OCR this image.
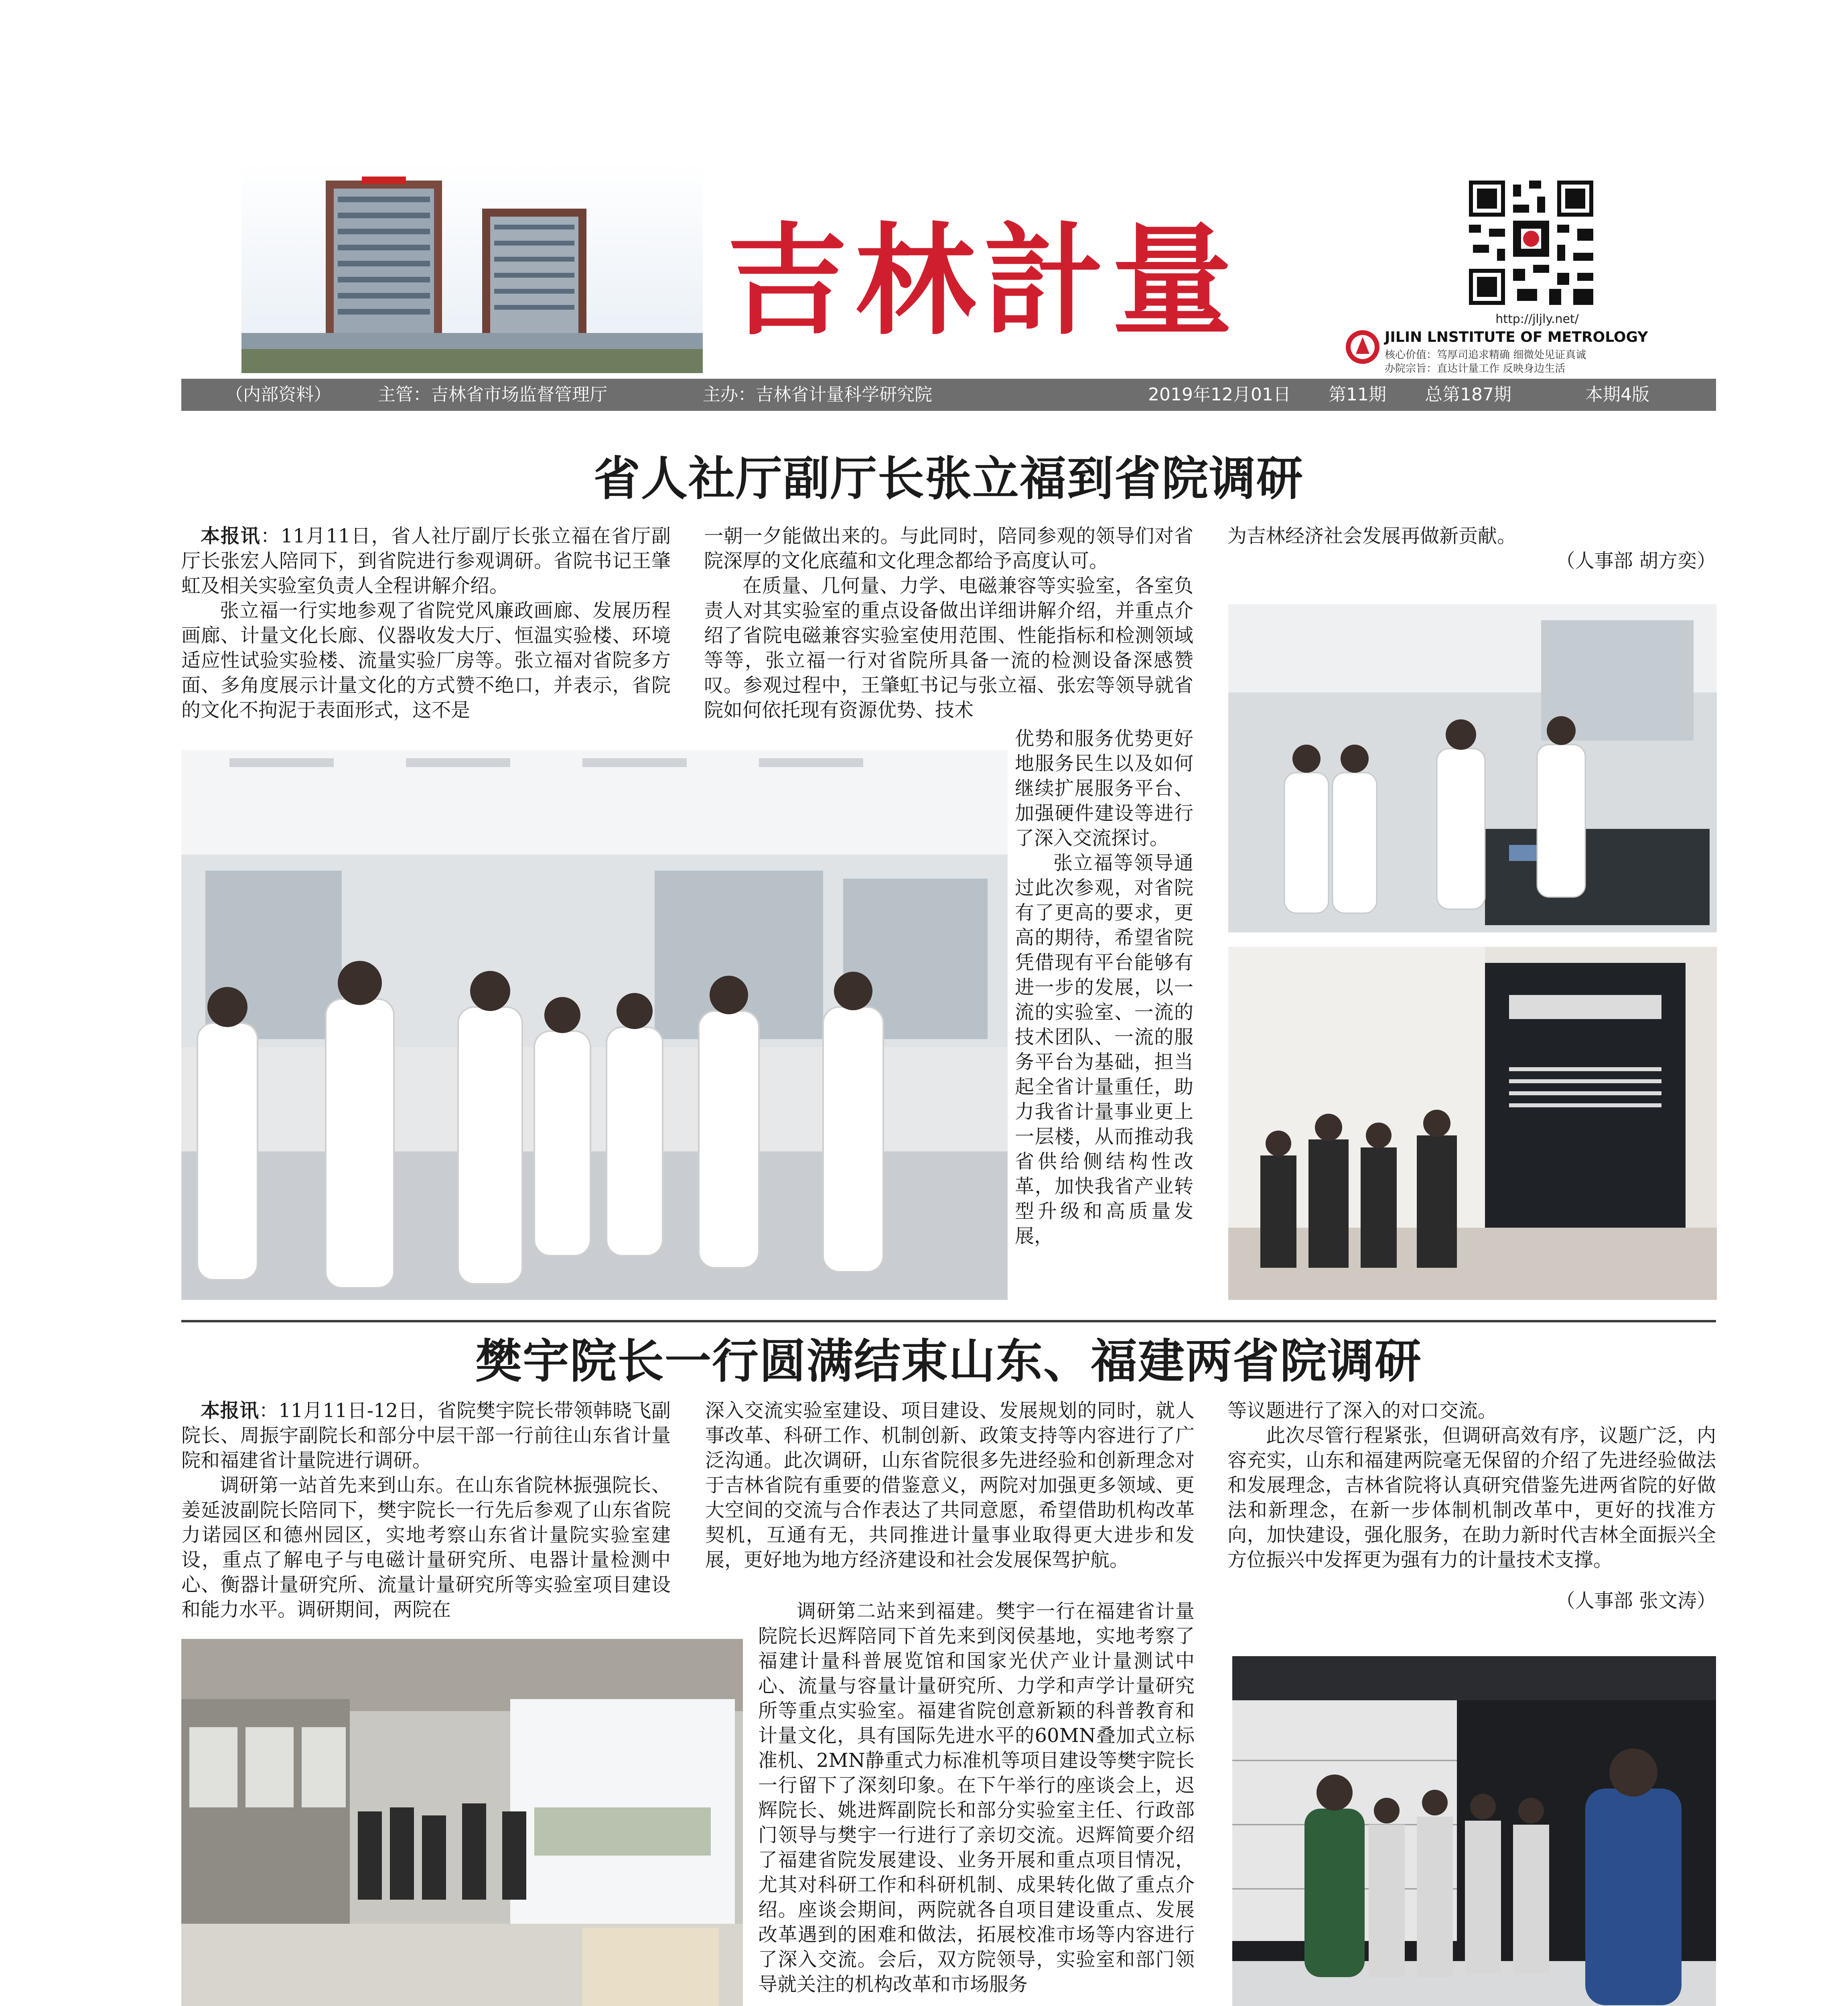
吉林計量	http://jljly.net/
JILIN LNSTITUTE OF METROLOGY
核心价值：笃厚司追求精确 细微处见证真诚
办院宗旨：直达计量工作 反映身边生活
（内部资料）	主管：吉林省市场监督管理厅	主办：吉林省计量科学研究院	2019年12月01日 第11期 总第187期	本期4版
省人社厅副厅长张立福到省院调研

本报讯：11月11日，省人社厅副厅长张立福在省厅副厅长张宏人陪同下，到省院进行参观调研。省院书记王肇虹及相关实验室负责人全程讲解介绍。

张立福一行实地参观了省院党风廉政画廊、发展历程画廊、计量文化长廊、仪器收发大厅、恒温实验楼、环境适应性试验实验楼、流量实验厂房等。张立福对省院多方面、多角度展示计量文化的方式赞不绝口，并表示，省院的文化不拘泥于表面形式，这不是

一朝一夕能做出来的。与此同时，陪同参观的领导们对省院深厚的文化底蕴和文化理念都给予高度认可。

在质量、几何量、力学、电磁兼容等实验室，各室负责人对其实验室的重点设备做出详细讲解介绍，并重点介绍了省院电磁兼容实验室使用范围、性能指标和检测领域等等，张立福一行对省院所具备一流的检测设备深感赞叹。参观过程中，王肇虹书记与张立福、张宏等领导就省院如何依托现有资源优势、技术

优势和服务优势更好地服务民生以及如何继续扩展服务平台、加强硬件建设等进行了深入交流探讨。

张立福等领导通过此次参观，对省院有了更高的要求，更高的期待，希望省院凭借现有平台能够有进一步的发展，以一流的实验室、一流的技术团队、一流的服务平台为基础，担当起全省计量重任，助力我省计量事业更上一层楼，从而推动我省供给侧结构性改革，加快我省产业转型升级和高质量发展，

为吉林经济社会发展再做新贡献。

（人事部 胡方奕）
樊宇院长一行圆满结束山东、福建两省院调研

本报讯：11月11日-12日，省院樊宇院长带领韩晓飞副院长、周振宇副院长和部分中层干部一行前往山东省计量院和福建省计量院进行调研。

调研第一站首先来到山东。在山东省院林振强院长、姜延波副院长陪同下，樊宇院长一行先后参观了山东省院力诺园区和德州园区，实地考察山东省计量院实验室建设，重点了解电子与电磁计量研究所、电器计量检测中心、衡器计量研究所、流量计量研究所等实验室项目建设和能力水平。调研期间，两院在

深入交流实验室建设、项目建设、发展规划的同时，就人事改革、科研工作、机制创新、政策支持等内容进行了广泛沟通。此次调研，山东省院很多先进经验和创新理念对于吉林省院有重要的借鉴意义，两院对加强更多领域、更大空间的交流与合作表达了共同意愿，希望借助机构改革契机，互通有无，共同推进计量事业取得更大进步和发展，更好地为地方经济建设和社会发展保驾护航。

调研第二站来到福建。樊宇一行在福建省计量院院长迟辉陪同下首先来到闵侯基地，实地考察了福建计量科普展览馆和国家光伏产业计量测试中心、流量与容量计量研究所、力学和声学计量研究所等重点实验室。福建省院创意新颖的科普教育和计量文化，具有国际先进水平的60MN叠加式立标准机、2MN静重式力标准机等项目建设等樊宇院长一行留下了深刻印象。在下午举行的座谈会上，迟辉院长、姚进辉副院长和部分实验室主任、行政部门领导与樊宇一行进行了亲切交流。迟辉简要介绍了福建省院发展建设、业务开展和重点项目情况，尤其对科研工作和科研机制、成果转化做了重点介绍。座谈会期间，两院就各自项目建设重点、发展改革遇到的困难和做法，拓展校准市场等内容进行了深入交流。会后，双方院领导，实验室和部门领导就关注的机构改革和市场服务

等议题进行了深入的对口交流。

此次尽管行程紧张，但调研高效有序，议题广泛，内容充实，山东和福建两院毫无保留的介绍了先进经验做法和发展理念，吉林省院将认真研究借鉴先进两省院的好做法和新理念，在新一步体制机制改革中，更好的找准方向，加快建设，强化服务，在助力新时代吉林全面振兴全方位振兴中发挥更为强有力的计量技术支撑。

（人事部 张文涛）
